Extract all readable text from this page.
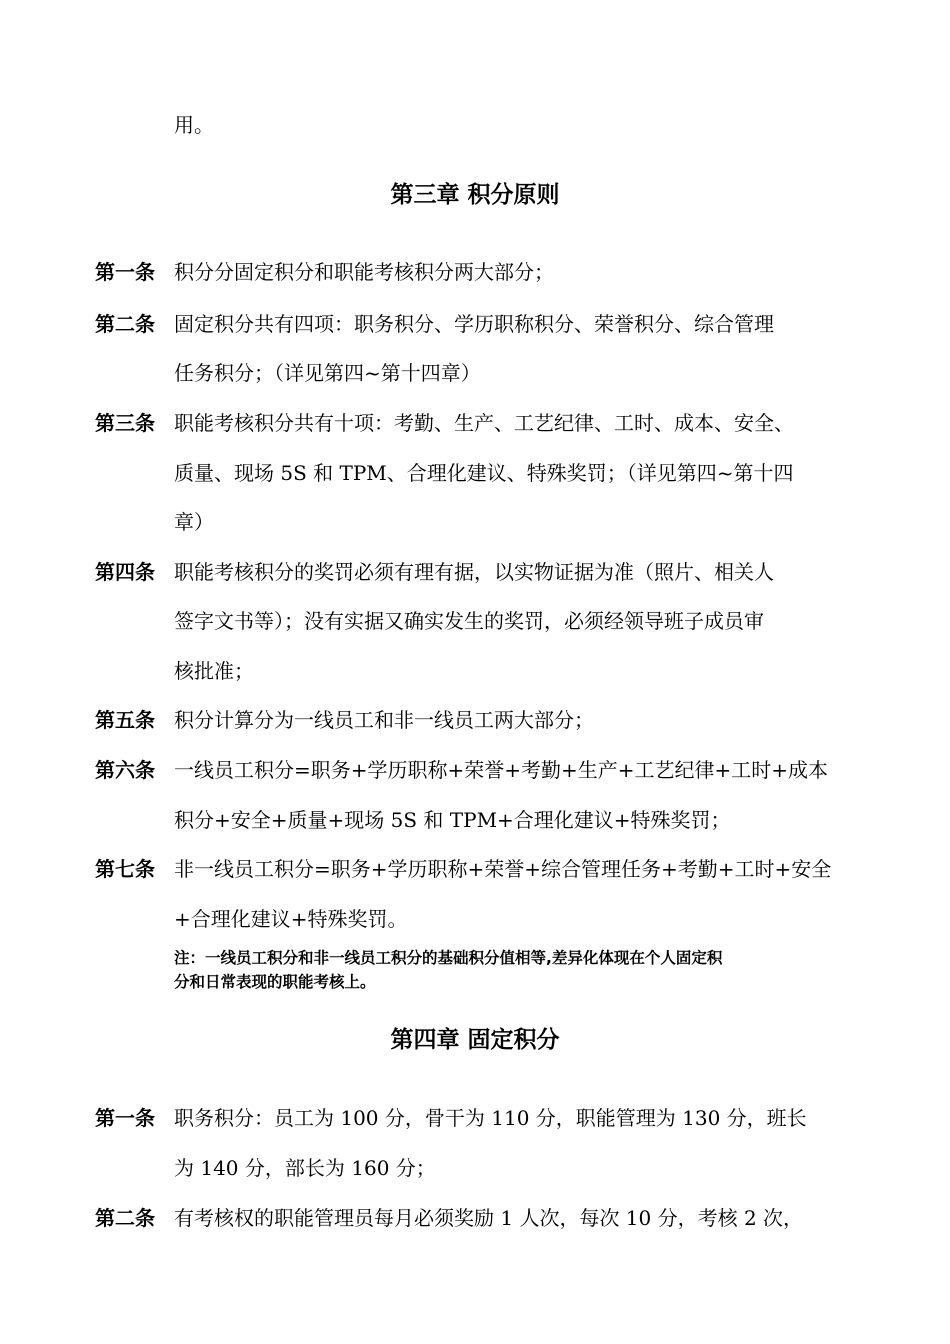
用。
第三章 积分原则
第一条 积分分固定积分和职能考核积分两大部分；
第二条 固定积分共有四项：职务积分、学历职称积分、荣誉积分、综合管理
任务积分；（详见第四~第十四章）
第三条 职能考核积分共有十项：考勤、生产、工艺纪律、工时、成本、安全、
质量、现场 5S 和 TPM、合理化建议、特殊奖罚；（详见第四~第十四
章）
第四条 职能考核积分的奖罚必须有理有据，以实物证据为准（照片、相关人
签字文书等）；没有实据又确实发生的奖罚，必须经领导班子成员审
核批准；
第五条 积分计算分为一线员工和非一线员工两大部分；
第六条 一线员工积分=职务+学历职称+荣誉+考勤+生产+工艺纪律+工时+成本
积分+安全+质量+现场 5S 和 TPM+合理化建议+特殊奖罚；
第七条 非一线员工积分=职务+学历职称+荣誉+综合管理任务+考勤+工时+安全
+合理化建议+特殊奖罚。
注：一线员工积分和非一线员工积分的基础积分值相等,差异化体现在个人固定积
分和日常表现的职能考核上。
第四章 固定积分
第一条 职务积分：员工为 100 分，骨干为 110 分，职能管理为 130 分，班长
为 140 分，部长为 160 分；
第二条 有考核权的职能管理员每月必须奖励 1 人次，每次 10 分，考核 2 次，
